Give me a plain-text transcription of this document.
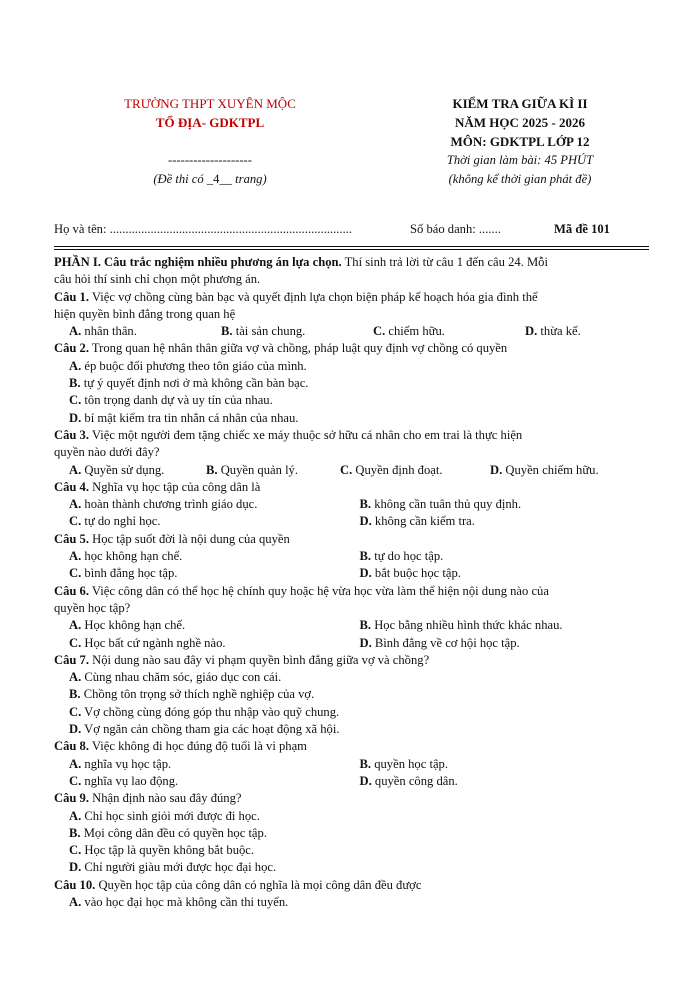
TRƯỜNG THPT XUYÊN MỘC
TỔ ĐỊA- GDKTPL
--------------------
(Đề thi có _4__ trang)
KIỂM TRA GIỮA KÌ II
NĂM HỌC 2025 - 2026
MÔN: GDKTPL LỚP 12
Thời gian làm bài: 45 PHÚT
(không kể thời gian phát đề)
Họ và tên: .............................................................................	Số báo danh: .......	Mã đề 101
PHẦN I. Câu trắc nghiệm nhiều phương án lựa chọn. Thí sinh trả lời từ câu 1 đến câu 24. Mỗi
câu hỏi thí sinh chỉ chọn một phương án.
Câu 1. Việc vợ chồng cùng bàn bạc và quyết định lựa chọn biện pháp kế hoạch hóa gia đình thể
hiện quyền bình đẳng trong quan hệ
A. nhân thân.	B. tài sản chung.	C. chiếm hữu.	D. thừa kế.
Câu 2. Trong quan hệ nhân thân giữa vợ và chồng, pháp luật quy định vợ chồng có quyền
A. ép buộc đối phương theo tôn giáo của mình.
B. tự ý quyết định nơi ở mà không cần bàn bạc.
C. tôn trọng danh dự và uy tín của nhau.
D. bí mật kiểm tra tin nhắn cá nhân của nhau.
Câu 3. Việc một người đem tặng chiếc xe máy thuộc sở hữu cá nhân cho em trai là thực hiện
quyền nào dưới đây?
A. Quyền sử dụng.	B. Quyền quản lý.	C. Quyền định đoạt.	D. Quyền chiếm hữu.
Câu 4. Nghĩa vụ học tập của công dân là
A. hoàn thành chương trình giáo dục.	B. không cần tuân thủ quy định.
C. tự do nghỉ học.	D. không cần kiểm tra.
Câu 5. Học tập suốt đời là nội dung của quyền
A. học không hạn chế.	B. tự do học tập.
C. bình đẳng học tập.	D. bắt buộc học tập.
Câu 6. Việc công dân có thể học hệ chính quy hoặc hệ vừa học vừa làm thể hiện nội dung nào của
quyền học tập?
A. Học không hạn chế.	B. Học bằng nhiều hình thức khác nhau.
C. Học bất cứ ngành nghề nào.	D. Bình đẳng về cơ hội học tập.
Câu 7. Nội dung nào sau đây vi phạm quyền bình đẳng giữa vợ và chồng?
A. Cùng nhau chăm sóc, giáo dục con cái.
B. Chồng tôn trọng sở thích nghề nghiệp của vợ.
C. Vợ chồng cùng đóng góp thu nhập vào quỹ chung.
D. Vợ ngăn cản chồng tham gia các hoạt động xã hội.
Câu 8. Việc không đi học đúng độ tuổi là vi phạm
A. nghĩa vụ học tập.	B. quyền học tập.
C. nghĩa vụ lao động.	D. quyền công dân.
Câu 9. Nhận định nào sau đây đúng?
A. Chỉ học sinh giỏi mới được đi học.
B. Mọi công dân đều có quyền học tập.
C. Học tập là quyền không bắt buộc.
D. Chỉ người giàu mới được học đại học.
Câu 10. Quyền học tập của công dân có nghĩa là mọi công dân đều được
A. vào học đại học mà không cần thi tuyển.
